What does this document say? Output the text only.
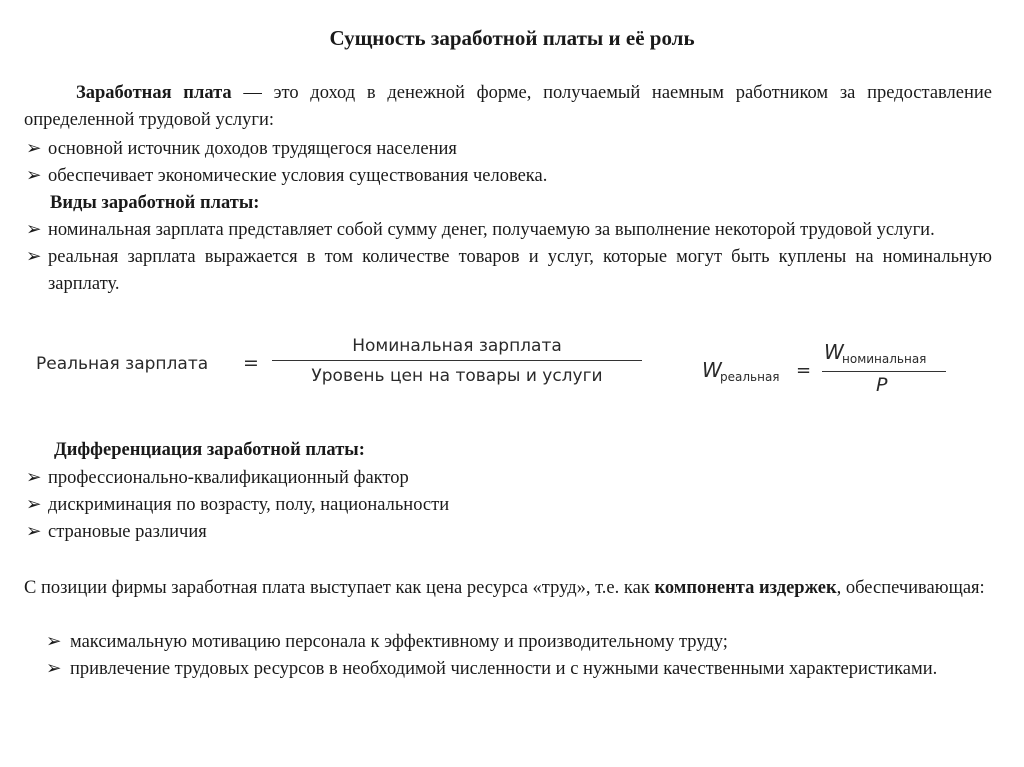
Сущность заработной платы и её роль
Заработная плата — это доход в денежной форме, получаемый наемным работником за предоставление определенной трудовой услуги:
➢ основной источник доходов трудящегося населения
➢ обеспечивает экономические условия существования человека.
Виды заработной платы:
➢ номинальная зарплата представляет собой сумму денег, получаемую за выполнение некоторой трудовой услуги.
➢ реальная зарплата выражается в том количестве товаров и услуг, которые могут быть куплены на номинальную зарплату.
Реальная зарплата =
Номинальная зарплата
Уровень цен на товары и услуги	W
реальная =
W
номинальная
P
Дифференциация заработной платы:
➢ профессионально-квалификационный фактор
➢ дискриминация по возрасту, полу, национальности
➢ страновые различия
С позиции фирмы заработная плата выступает как цена ресурса «труд», т.е. как компонента издержек, обеспечивающая:
➢ максимальную мотивацию персонала к эффективному и производительному труду;
➢ привлечение трудовых ресурсов в необходимой численности и с нужными качественными характеристиками.
